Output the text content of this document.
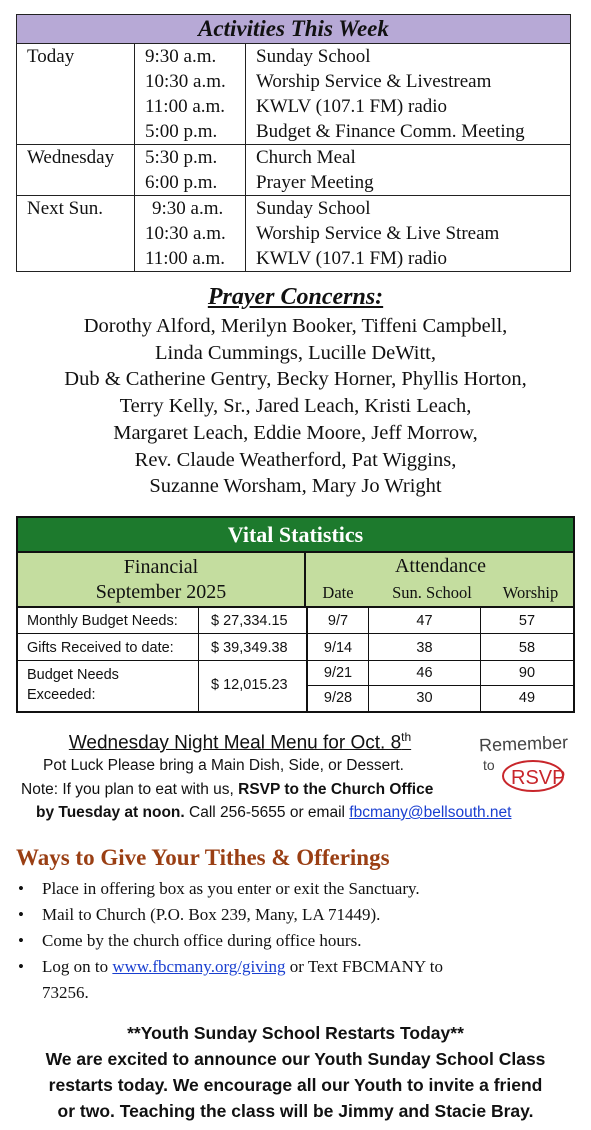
Activities This Week
Today	9:30 a.m.	Sunday School
10:30 a.m.	Worship Service & Livestream
11:00 a.m.	KWLV (107.1 FM) radio
5:00 p.m.	Budget & Finance Comm. Meeting
Wednesday	5:30 p.m.	Church Meal
6:00 p.m.	Prayer Meeting
Next Sun.	9:30 a.m.	Sunday School
10:30 a.m.	Worship Service & Live Stream
11:00 a.m.	KWLV (107.1 FM) radio
Prayer Concerns:
Dorothy Alford, Merilyn Booker, Tiffeni Campbell,
Linda Cummings, Lucille DeWitt,
Dub & Catherine Gentry, Becky Horner, Phyllis Horton,
Terry Kelly, Sr., Jared Leach, Kristi Leach,
Margaret Leach, Eddie Moore, Jeff Morrow,
Rev. Claude Weatherford, Pat Wiggins,
Suzanne Worsham, Mary Jo Wright
Vital Statistics
Financial
September 2025
Attendance
Date	Sun. School	Worship
Monthly Budget Needs: $ 27,334.15
Gifts Received to date:	$ 39,349.38
Budget Needs Exceeded:
$ 12,015.23
9/7	47	57
9/14	38	58
9/21	46	90
9/28	30	49
Wednesday Night Meal Menu for Oct. 8th
Pot Luck Please bring a Main Dish, Side, or Dessert.
Note: If you plan to eat with us, RSVP to the Church Office
by Tuesday at noon. Call 256-5655 or email fbcmany@bellsouth.net
Remember
to
RSVP
Ways to Give Your Tithes & Offerings
•	Place in offering box as you enter or exit the Sanctuary.
•	Mail to Church (P.O. Box 239, Many, LA 71449).
•	Come by the church office during office hours.
•	Log on to www.fbcmany.org/giving or Text FBCMANY to
73256.
**Youth Sunday School Restarts Today**
We are excited to announce our Youth Sunday School Class
restarts today. We encourage all our Youth to invite a friend
or two. Teaching the class will be Jimmy and Stacie Bray.
